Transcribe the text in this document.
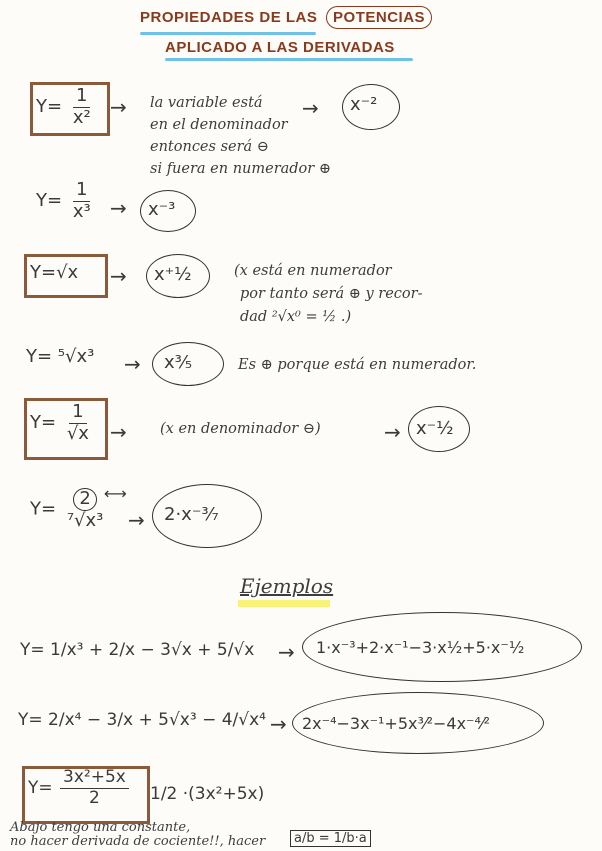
PROPIEDADES DE LAS POTENCIAS
APLICADO A LAS DERIVADAS
$Y= \frac{1}{\text{x²}}$ → la variable está
en el denominador
entonces será ⊖
si fuera en numerador ⊕
→ x⁻²
$Y= \frac{1}{\text{x³}} \to x^{-3}$
Y=√x → x⁺½	(x está en numerador
por tanto será ⊕ y recor-
dad ²√x⁰ = ½ .)
Y= ⁵√x³ → x³⁄₅	Es ⊕ porque está en numerador.
$Y= \frac{1}{√x} \to (x$ en denominador ⊖)	→ x⁻½
$Y= \frac{2}{\text{⁷√x³}}$
⟷
→ 2·x⁻³⁄₇
Ejemplos
Y= 1/x³ + 2/x − 3√x + 5/√x → 1·x⁻³+2·x⁻¹−3·x½+5·x⁻½
Y= 2/x⁴ − 3/x + 5√x³ − 4/√x⁴ → 2x⁻⁴−3x⁻¹+5x³⁄²−4x⁻⁴⁄²
$Y= \frac{\text{3x²+5x}}{2} 1/2 \cdot(3x^2+5x)$
Abajo tengo una constante,
no hacer derivada de cociente!!, hacer	a/b = 1/b·a
